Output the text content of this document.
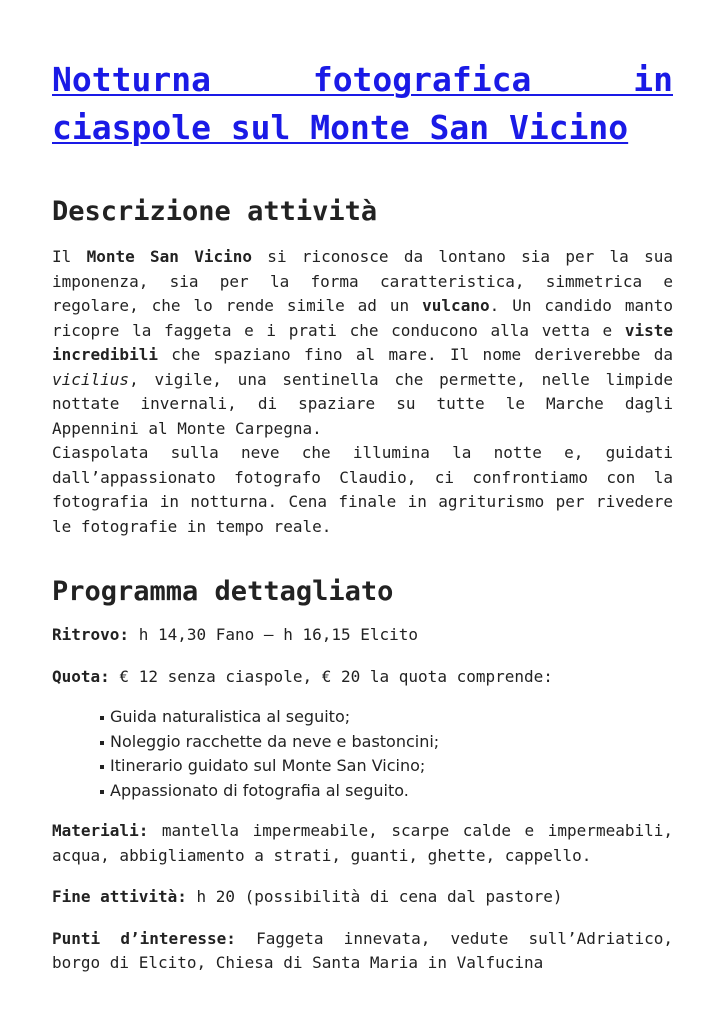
Notturna fotografica in ciaspole sul Monte San Vicino
Descrizione attività

Il Monte San Vicino si riconosce da lontano sia per la sua imponenza, sia per la forma caratteristica, simmetrica e regolare, che lo rende simile ad un vulcano. Un candido manto ricopre la faggeta e i prati che conducono alla vetta e viste incredibili che spaziano fino al mare. Il nome deriverebbe da vicilius, vigile, una sentinella che permette, nelle limpide nottate invernali, di spaziare su tutte le Marche dagli Appennini al Monte Carpegna.

Ciaspolata sulla neve che illumina la notte e, guidati dall’appassionato fotografo Claudio, ci confrontiamo con la fotografia in notturna. Cena finale in agriturismo per rivedere le fotografie in tempo reale.

Programma dettagliato

Ritrovo: h 14,30 Fano – h 16,15 Elcito

Quota: € 12 senza ciaspole, € 20 la quota comprende:

Guida naturalistica al seguito;
Noleggio racchette da neve e bastoncini;
Itinerario guidato sul Monte San Vicino;
Appassionato di fotografia al seguito.

Materiali: mantella impermeabile, scarpe calde e impermeabili, acqua, abbigliamento a strati, guanti, ghette, cappello.

Fine attività: h 20 (possibilità di cena dal pastore)

Punti d’interesse: Faggeta innevata, vedute sull’Adriatico, borgo di Elcito, Chiesa di Santa Maria in Valfucina
